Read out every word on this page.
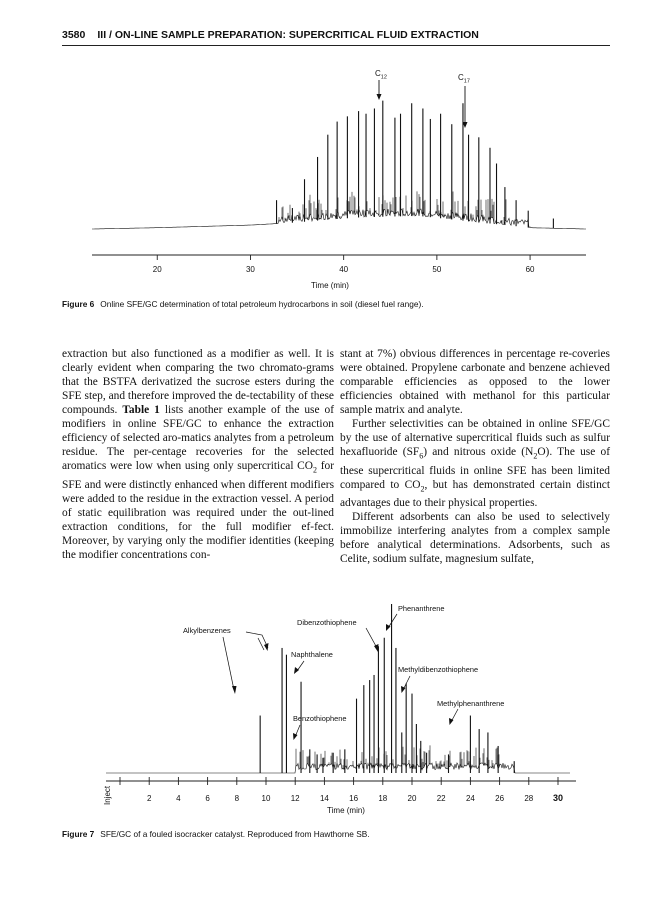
3580 III / ON-LINE SAMPLE PREPARATION: SUPERCRITICAL FLUID EXTRACTION
20	30	40	50	60
$C_{12}$	$C_{17}$
Time (min)
Figure 6 Online SFE/GC determination of total petroleum hydrocarbons in soil (diesel fuel range).

extraction but also functioned as a modifier as well. It is clearly evident when comparing the two chromato-grams that the BSTFA derivatized the sucrose esters during the SFE step, and therefore improved the de-tectability of these compounds. Table 1 lists another example of the use of modifiers in online SFE/GC to enhance the extraction efficiency of selected aro-matics analytes from a petroleum residue. The per-centage recoveries for the selected aromatics were low when using only supercritical $CO_2$ for SFE and were distinctly enhanced when different modifiers were added to the residue in the extraction vessel. A period of static equilibration was required under the out-lined extraction conditions, for the full modifier ef-fect. Moreover, by varying only the modifier identities (keeping the modifier concentrations con-

stant at 7%) obvious differences in percentage re-coveries were obtained. Propylene carbonate and benzene achieved comparable efficiencies as opposed to the lower efficiencies obtained with methanol for this particular sample matrix and analyte.

Further selectivities can be obtained in online SFE/GC by the use of alternative supercritical fluids such as sulfur hexafluoride $(SF_6)$ and nitrous oxide $(N_2O)$. The use of these supercritical fluids in online SFE has been limited compared to $CO_2$, but has demonstrated certain distinct advantages due to their physical properties.

Different adsorbents can also be used to selectively immobilize interfering analytes from a complex sample before analytical determinations. Adsorbents, such as Celite, sodium sulfate, magnesium sulfate,

Inject	2	4	6	8	10	12	14	16	18	20	22	24	26	28 30
Time (min)
Alkylbenzenes
Dibenzothiophene
Naphthalene
Benzothiophene
Phenanthrene
Methyldibenzothiophene
Methylphenanthrene
Figure 7 SFE/GC of a fouled isocracker catalyst. Reproduced from Hawthorne SB.
